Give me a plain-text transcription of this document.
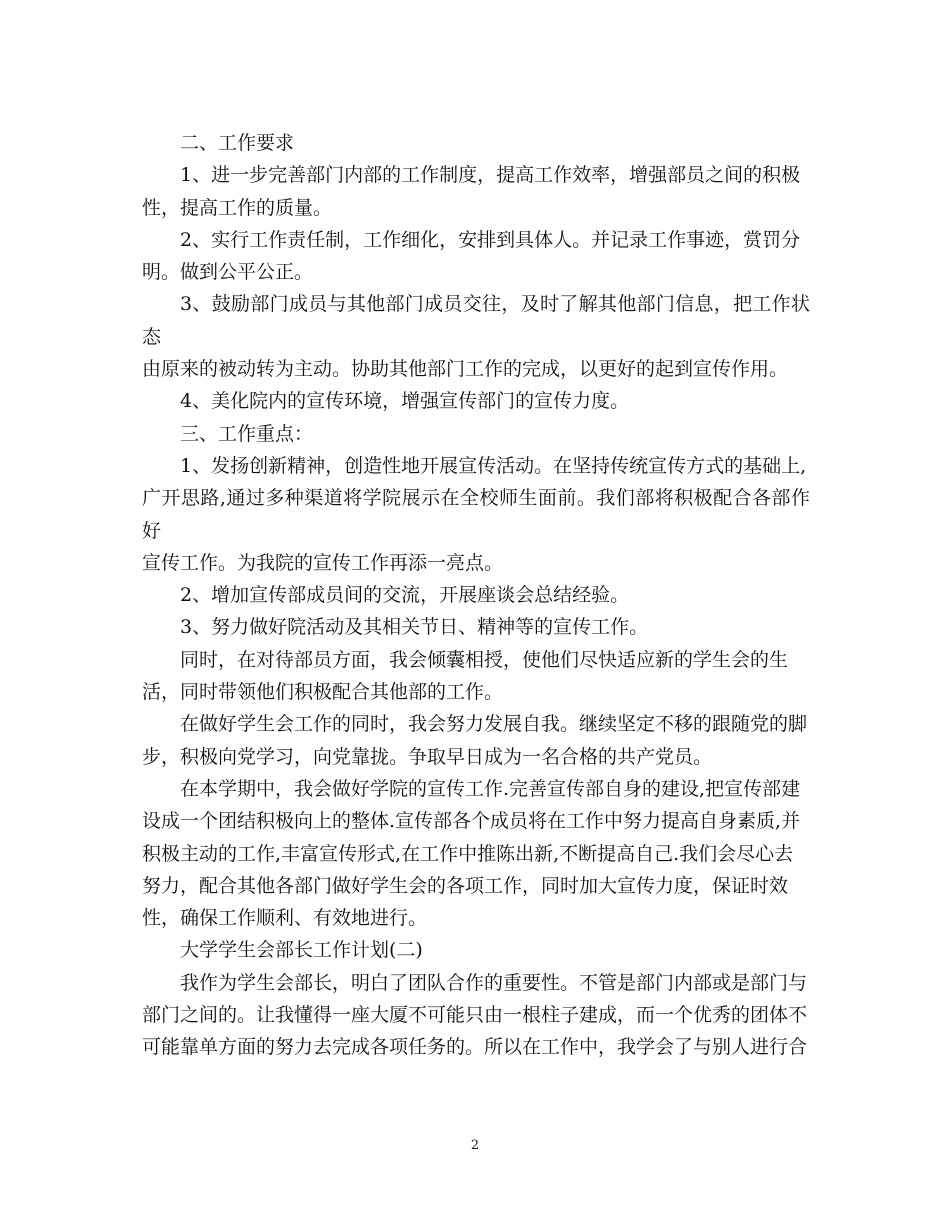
二、工作要求
1、进一步完善部门内部的工作制度，提高工作效率，增强部员之间的积极
性，提高工作的质量。
2、实行工作责任制，工作细化，安排到具体人。并记录工作事迹，赏罚分
明。做到公平公正。
3、鼓励部门成员与其他部门成员交往，及时了解其他部门信息，把工作状态
由原来的被动转为主动。协助其他部门工作的完成，以更好的起到宣传作用。
4、美化院内的宣传环境，增强宣传部门的宣传力度。
三、工作重点：
1、发扬创新精神，创造性地开展宣传活动。在坚持传统宣传方式的基础上,
广开思路,通过多种渠道将学院展示在全校师生面前。我们部将积极配合各部作好
宣传工作。为我院的宣传工作再添一亮点。
2、增加宣传部成员间的交流，开展座谈会总结经验。
3、努力做好院活动及其相关节日、精神等的宣传工作。
同时，在对待部员方面，我会倾囊相授，使他们尽快适应新的学生会的生
活，同时带领他们积极配合其他部的工作。
在做好学生会工作的同时，我会努力发展自我。继续坚定不移的跟随党的脚
步，积极向党学习，向党靠拢。争取早日成为一名合格的共产党员。
在本学期中，我会做好学院的宣传工作.完善宣传部自身的建设,把宣传部建
设成一个团结积极向上的整体.宣传部各个成员将在工作中努力提高自身素质,并
积极主动的工作,丰富宣传形式,在工作中推陈出新,不断提高自己.我们会尽心去
努力，配合其他各部门做好学生会的各项工作，同时加大宣传力度，保证时效
性，确保工作顺利、有效地进行。
大学学生会部长工作计划(二)
我作为学生会部长，明白了团队合作的重要性。不管是部门内部或是部门与
部门之间的。让我懂得一座大厦不可能只由一根柱子建成，而一个优秀的团体不
可能靠单方面的努力去完成各项任务的。所以在工作中，我学会了与别人进行合
2
